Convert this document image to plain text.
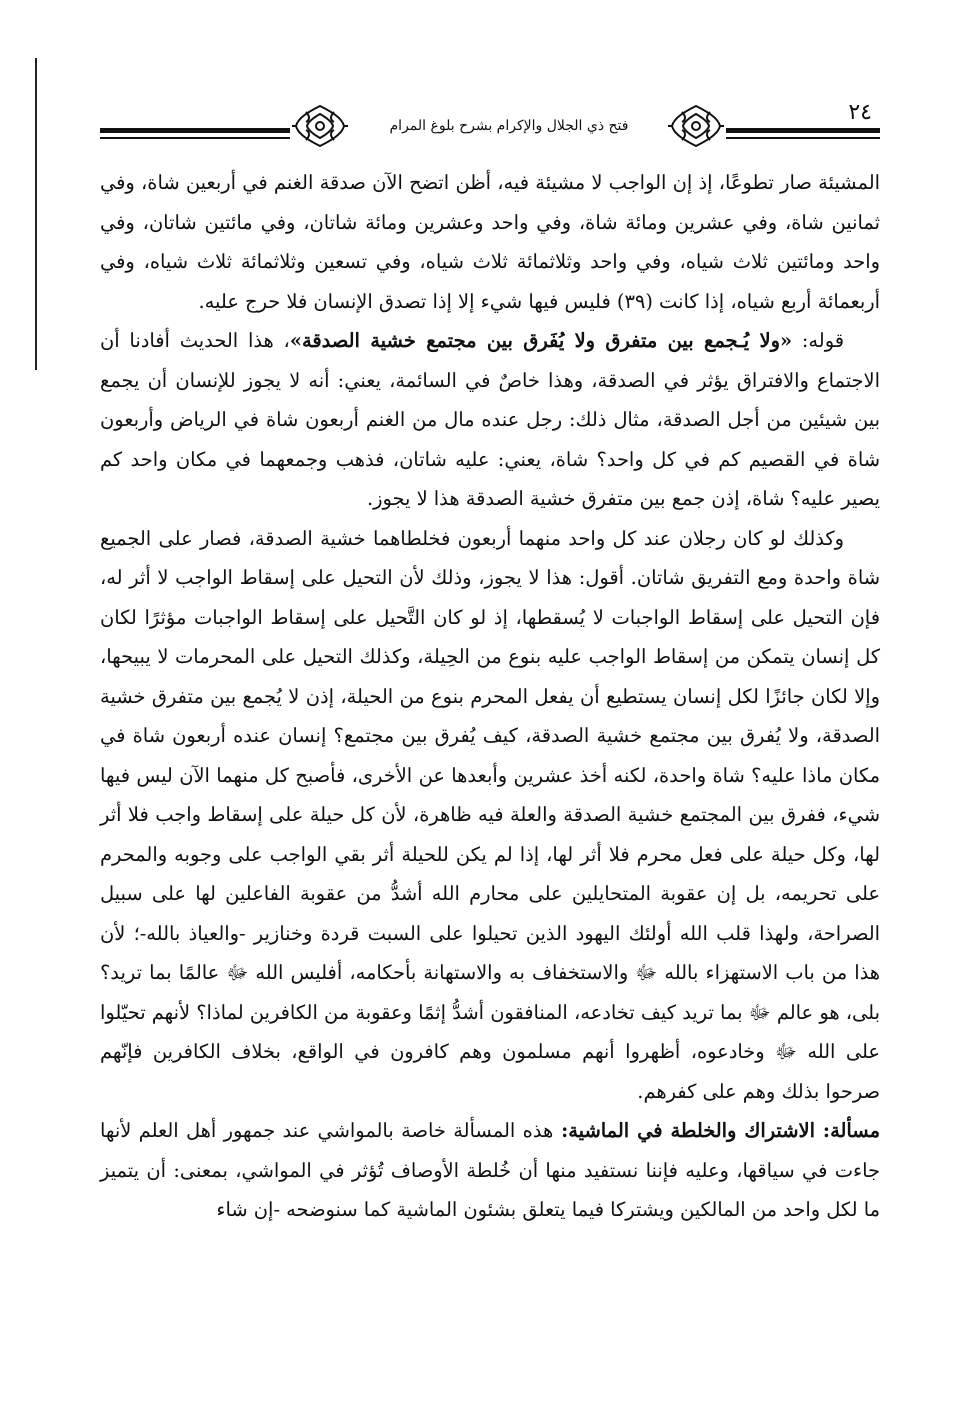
فتح ذي الجلال والإكرام بشرح بلوغ المرام
٢٤

المشيئة صار تطوعًا، إذ إن الواجب لا مشيئة فيه، أظن اتضح الآن صدقة الغنم في أربعين شاة، وفي ثمانين شاة، وفي عشرين ومائة شاة، وفي واحد وعشرين ومائة شاتان، وفي مائتين شاتان، وفي واحد ومائتين ثلاث شياه، وفي واحد وثلاثمائة ثلاث شياه، وفي تسعين وثلاثمائة ثلاث شياه، وفي أربعمائة أربع شياه، إذا كانت (٣٩) فليس فيها شيء إلا إذا تصدق الإنسان فلا حرج عليه.

قوله: «ولا يُـجمع بين متفرق ولا يُفَرق بين مجتمع خشية الصدقة»، هذا الحديث أفادنا أن الاجتماع والافتراق يؤثر في الصدقة، وهذا خاصٌ في السائمة، يعني: أنه لا يجوز للإنسان أن يجمع بين شيئين من أجل الصدقة، مثال ذلك: رجل عنده مال من الغنم أربعون شاة في الرياض وأربعون شاة في القصيم كم في كل واحد؟ شاة، يعني: عليه شاتان، فذهب وجمعهما في مكان واحد كم يصير عليه؟ شاة، إذن جمع بين متفرق خشية الصدقة هذا لا يجوز.

وكذلك لو كان رجلان عند كل واحد منهما أربعون فخلطاهما خشية الصدقة، فصار على الجميع شاة واحدة ومع التفريق شاتان. أقول: هذا لا يجوز، وذلك لأن التحيل على إسقاط الواجب لا أثر له، فإن التحيل على إسقاط الواجبات لا يُسقطها، إذ لو كان التَّحيل على إسقاط الواجبات مؤثرًا لكان كل إنسان يتمكن من إسقاط الواجب عليه بنوع من الحِيلة، وكذلك التحيل على المحرمات لا يبيحها، وإلا لكان جائزًا لكل إنسان يستطيع أن يفعل المحرم بنوع من الحيلة، إذن لا يُجمع بين متفرق خشية الصدقة، ولا يُفرق بين مجتمع خشية الصدقة، كيف يُفرق بين مجتمع؟ إنسان عنده أربعون شاة في مكان ماذا عليه؟ شاة واحدة، لكنه أخذ عشرين وأبعدها عن الأخرى، فأصبح كل منهما الآن ليس فيها شيء، ففرق بين المجتمع خشية الصدقة والعلة فيه ظاهرة، لأن كل حيلة على إسقاط واجب فلا أثر لها، وكل حيلة على فعل محرم فلا أثر لها، إذا لم يكن للحيلة أثر بقي الواجب على وجوبه والمحرم على تحريمه، بل إن عقوبة المتحايلين على محارم الله أشدُّ من عقوبة الفاعلين لها على سبيل الصراحة، ولهذا قلب الله أولئك اليهود الذين تحيلوا على السبت قردة وخنازير -والعياذ بالله-؛ لأن هذا من باب الاستهزاء بالله ﷻ والاستخفاف به والاستهانة بأحكامه، أفليس الله ﷻ عالمًا بما تريد؟ بلى، هو عالم ﷻ بما تريد كيف تخادعه، المنافقون أشدُّ إثمًا وعقوبة من الكافرين لماذا؟ لأنهم تحيّلوا على الله ﷻ وخادعوه، أظهروا أنهم مسلمون وهم كافرون في الواقع، بخلاف الكافرين فإنّهم صرحوا بذلك وهم على كفرهم.

مسألة: الاشتراك والخلطة في الماشية: هذه المسألة خاصة بالمواشي عند جمهور أهل العلم لأنها جاءت في سياقها، وعليه فإننا نستفيد منها أن خُلطة الأوصاف تُؤثر في المواشي، بمعنى: أن يتميز ما لكل واحد من المالكين ويشتركا فيما يتعلق بشئون الماشية كما سنوضحه -إن شاء
